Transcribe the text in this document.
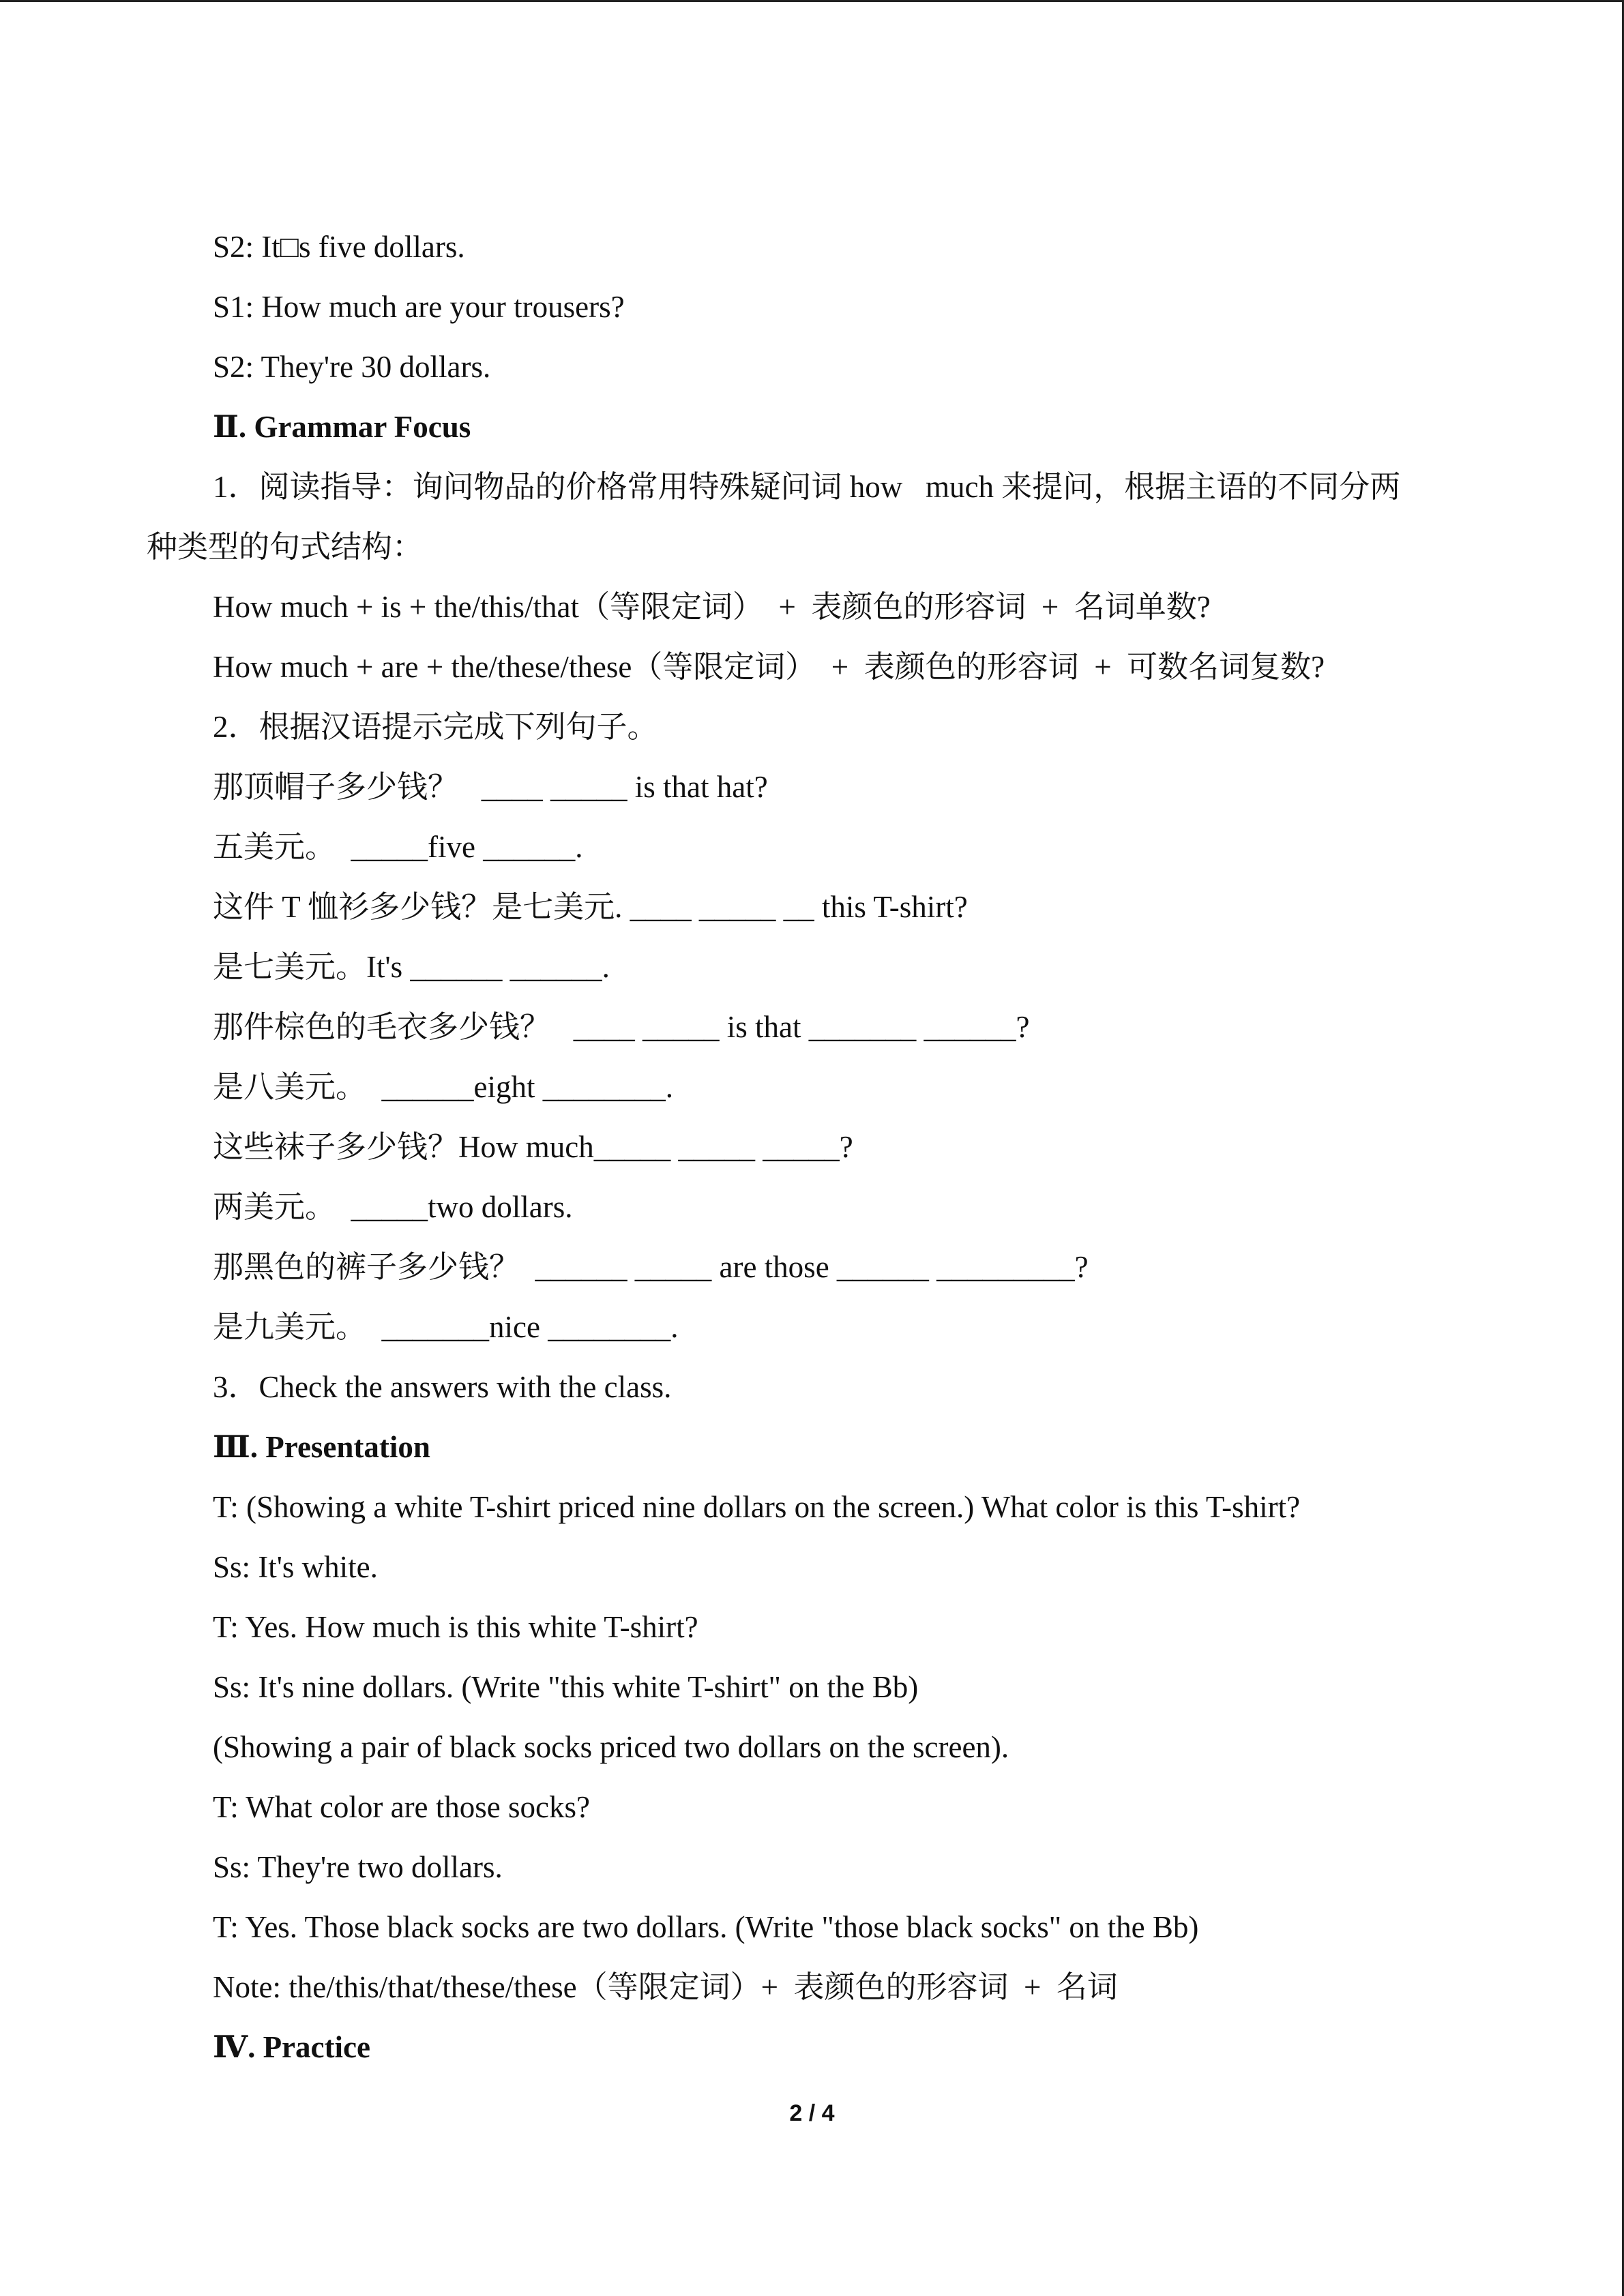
S2: It□s five dollars.
S1: How much are your trousers?
S2: They're 30 dollars.
Ⅱ. Grammar Focus
1．阅读指导：询问物品的价格常用特殊疑问词 how   much 来提问，根据主语的不同分两
种类型的句式结构：
How much + is + the/this/that（等限定词）  +  表颜色的形容词  +  名词单数?
How much + are + the/these/these（等限定词）  +  表颜色的形容词  +  可数名词复数?
2．根据汉语提示完成下列句子。
那顶帽子多少钱？   ____ _____ is that hat?
五美元。  _____five ______.
这件 T 恤衫多少钱？是七美元. ____ _____ __ this T-shirt?
是七美元。It's ______ ______.
那件棕色的毛衣多少钱？   ____ _____ is that _______ ______?
是八美元。  ______eight ________.
这些袜子多少钱？How much_____ _____ _____?
两美元。  _____two dollars.
那黑色的裤子多少钱？  ______ _____ are those ______ _________?
是九美元。  _______nice ________.
3．Check the answers with the class.
Ⅲ. Presentation
T: (Showing a white T-shirt priced nine dollars on the screen.) What color is this T-shirt?
Ss: It's white.
T: Yes. How much is this white T-shirt?
Ss: It's nine dollars. (Write "this white T-shirt" on the Bb)
(Showing a pair of black socks priced two dollars on the screen).
T: What color are those socks?
Ss: They're two dollars.
T: Yes. Those black socks are two dollars. (Write "those black socks" on the Bb)
Note: the/this/that/these/these（等限定词）+  表颜色的形容词  +  名词
Ⅳ. Practice
2 / 4
